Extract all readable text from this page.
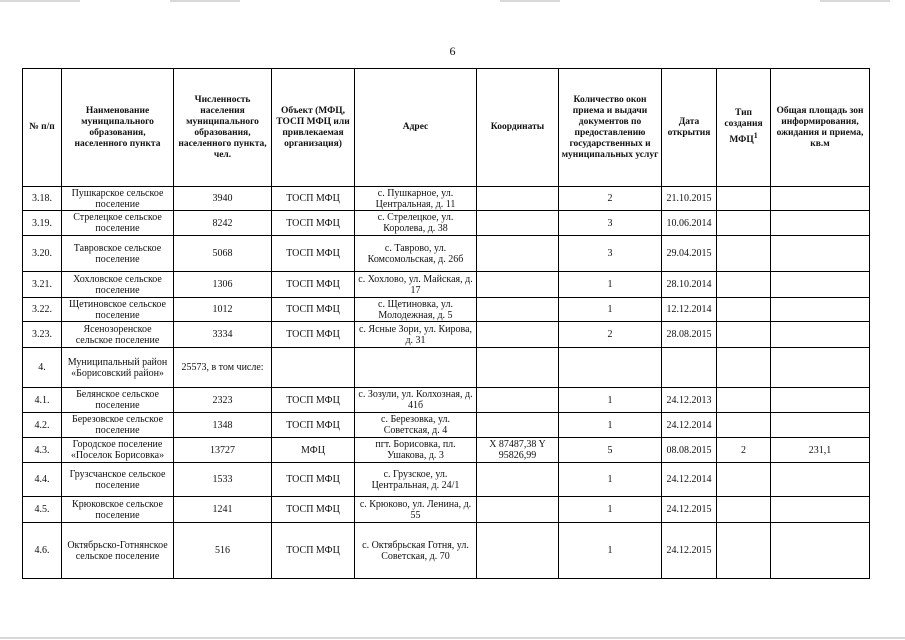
6
№ п/п	Наименование муниципального образования, населенного пункта	Численность населения муниципального образования, населенного пункта, чел.	Объект (МФЦ, ТОСП МФЦ или привлекаемая организация)	Адрес	Координаты	Количество окон приема и выдачи документов по предоставлению государственных и муниципальных услуг	Дата открытия	Тип создания МФЦ$^1$	Общая площадь зон информирования, ожидания и приема, кв.м
3.18.	Пушкарское сельское поселение	3940	ТОСП МФЦ	с. Пушкарное, ул. Центральная, д. 11		2	21.10.2015		
3.19.	Стрелецкое сельское поселение	8242	ТОСП МФЦ	с. Стрелецкое, ул. Королева, д. 38		3	10.06.2014		
3.20.	Тавровское сельское поселение	5068	ТОСП МФЦ	с. Таврово, ул. Комсомольская, д. 26б		3	29.04.2015		
3.21.	Хохловское сельское поселение	1306	ТОСП МФЦ	с. Хохлово, ул. Майская, д. 17		1	28.10.2014		
3.22.	Щетиновское сельское поселение	1012	ТОСП МФЦ	с. Щетиновка, ул. Молодежная, д. 5		1	12.12.2014		
3.23.	Ясенозоренское сельское поселение	3334	ТОСП МФЦ	с. Ясные Зори, ул. Кирова, д. 31		2	28.08.2015		
4.	Муниципальный район «Борисовский район»	25573, в том числе:							
4.1.	Белянское сельское поселение	2323	ТОСП МФЦ	с. Зозули, ул. Колхозная, д. 41б		1	24.12.2013		
4.2.	Березовское сельское поселение	1348	ТОСП МФЦ	с. Березовка, ул. Советская, д. 4		1	24.12.2014		
4.3.	Городское поселение «Поселок Борисовка»	13727	МФЦ	пгт. Борисовка, пл. Ушакова, д. 3	X 87487,38 Y 95826,99	5	08.08.2015	2	231,1
4.4.	Грузсчанское сельское поселение	1533	ТОСП МФЦ	с. Грузское, ул. Центральная, д. 24/1		1	24.12.2014		
4.5.	Крюковское сельское поселение	1241	ТОСП МФЦ	с. Крюково, ул. Ленина, д. 55		1	24.12.2015		
4.6.	Октябрьско-Готнянское сельское поселение	516	ТОСП МФЦ	с. Октябрьская Готня, ул. Советская, д. 70		1	24.12.2015		
